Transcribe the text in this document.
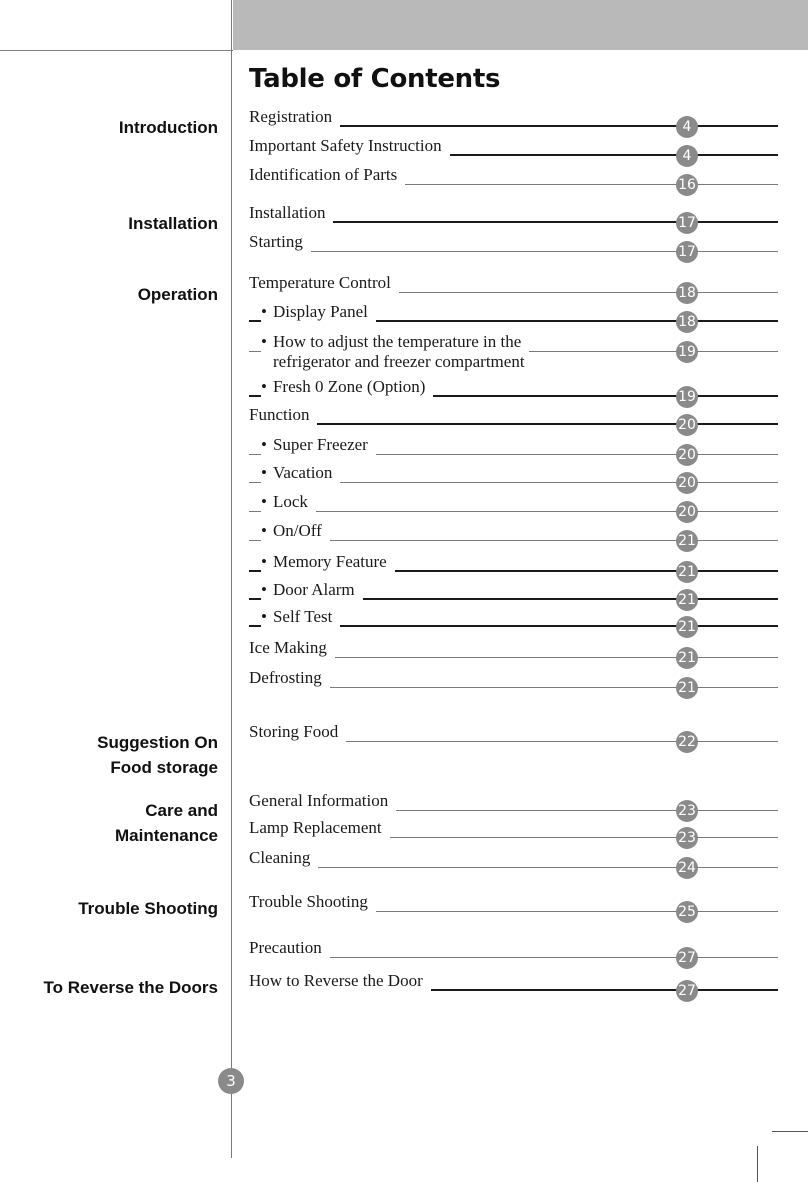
Table of Contents
Introduction
Installation
Operation
Suggestion On
Food storage
Care and
Maintenance
Trouble Shooting
To Reverse the Doors
Registration
4
Important Safety Instruction
4
Identification of Parts
16
Installation
17
Starting
17
Temperature Control
18
• Display Panel
18
• How to adjust the temperature in the
refrigerator and freezer compartment	19
• Fresh 0 Zone (Option)
19
Function
20
• Super Freezer
20
• Vacation
20
• Lock
20
• On/Off
21
• Memory Feature
21
• Door Alarm
21
• Self Test
21
Ice Making
21
Defrosting
21
Storing Food
22
General Information
23
Lamp Replacement
23
Cleaning
24
Trouble Shooting
25
Precaution
27
How to Reverse the Door
27
3
